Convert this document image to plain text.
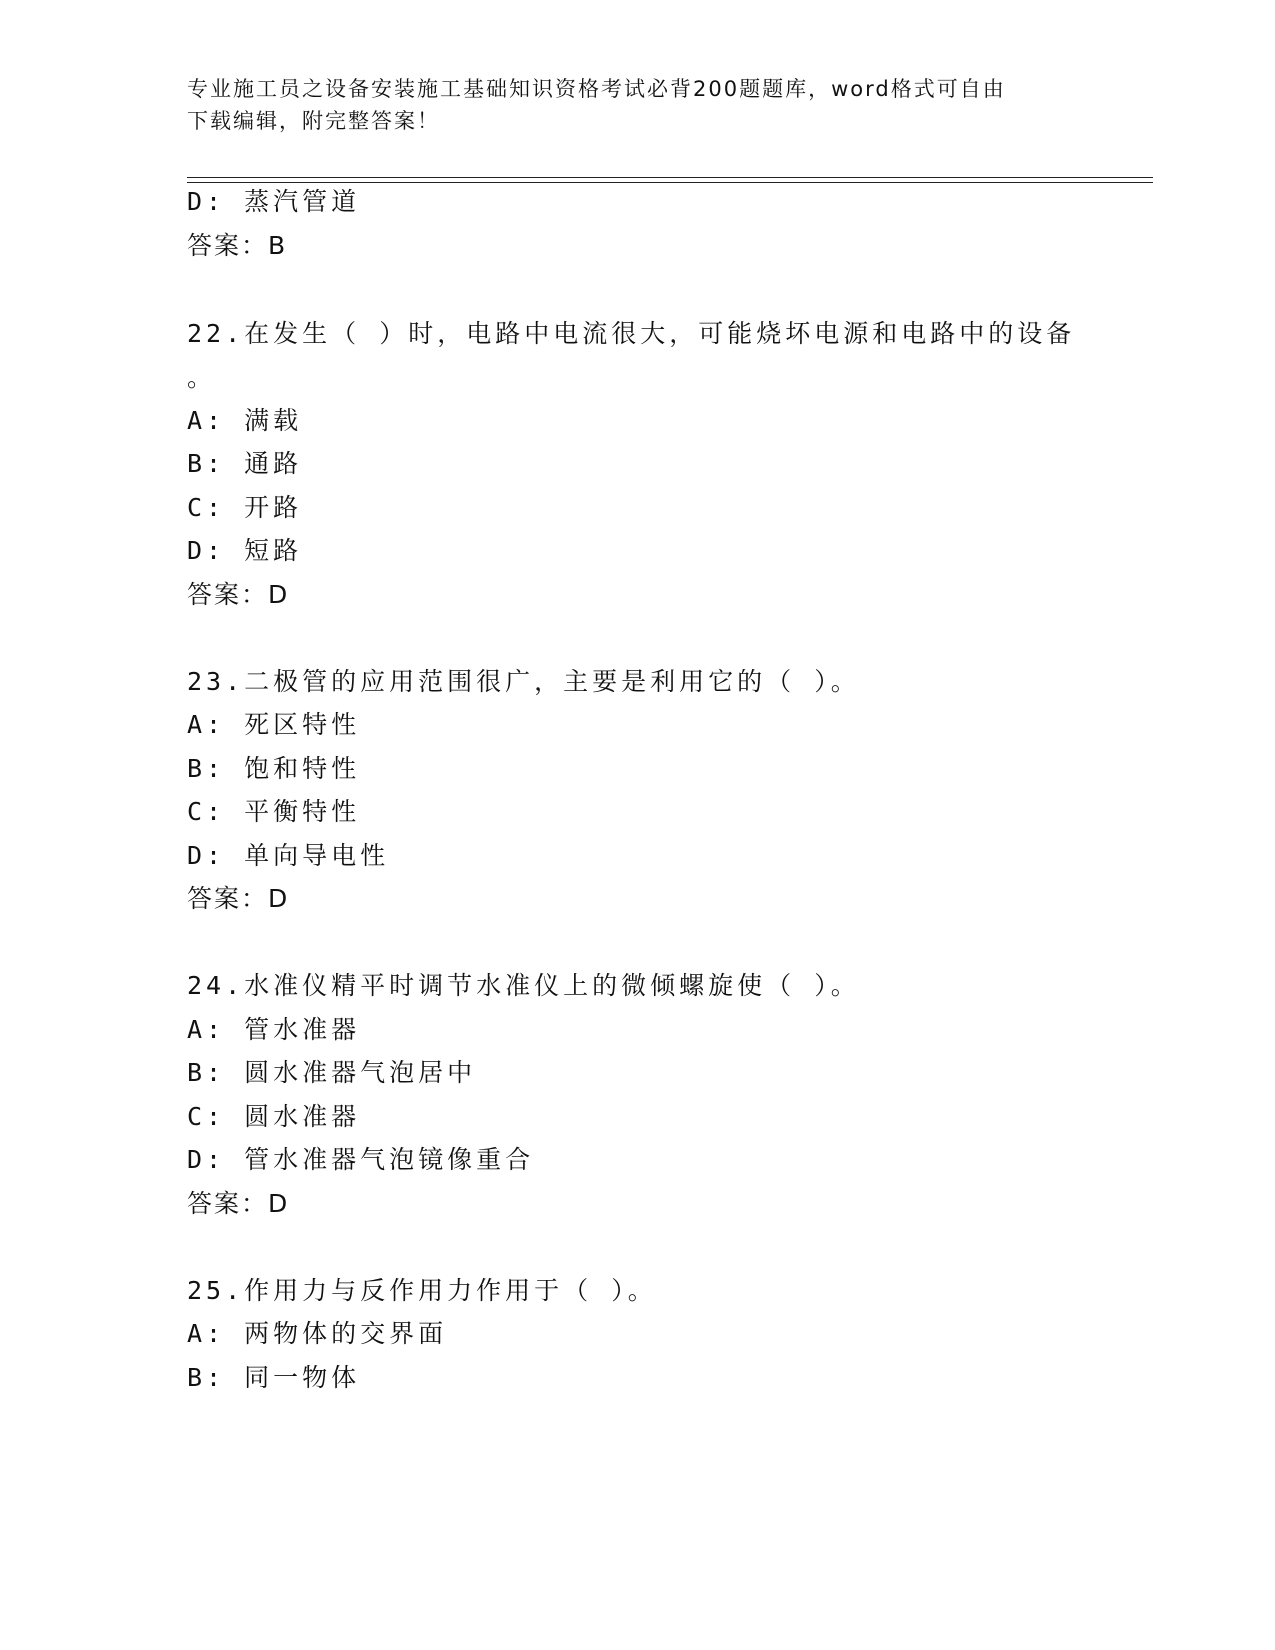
专业施工员之设备安装施工基础知识资格考试必背200题题库，word格式可自由
下载编辑，附完整答案！
D: 蒸汽管道
答案：B
22.在发生（ ）时，电路中电流很大，可能烧坏电源和电路中的设备
。
A: 满载
B: 通路
C: 开路
D: 短路
答案：D
23.二极管的应用范围很广，主要是利用它的（ ）。
A: 死区特性
B: 饱和特性
C: 平衡特性
D: 单向导电性
答案：D
24.水准仪精平时调节水准仪上的微倾螺旋使（ ）。
A: 管水准器
B: 圆水准器气泡居中
C: 圆水准器
D: 管水准器气泡镜像重合
答案：D
25.作用力与反作用力作用于（ ）。
A: 两物体的交界面
B: 同一物体
